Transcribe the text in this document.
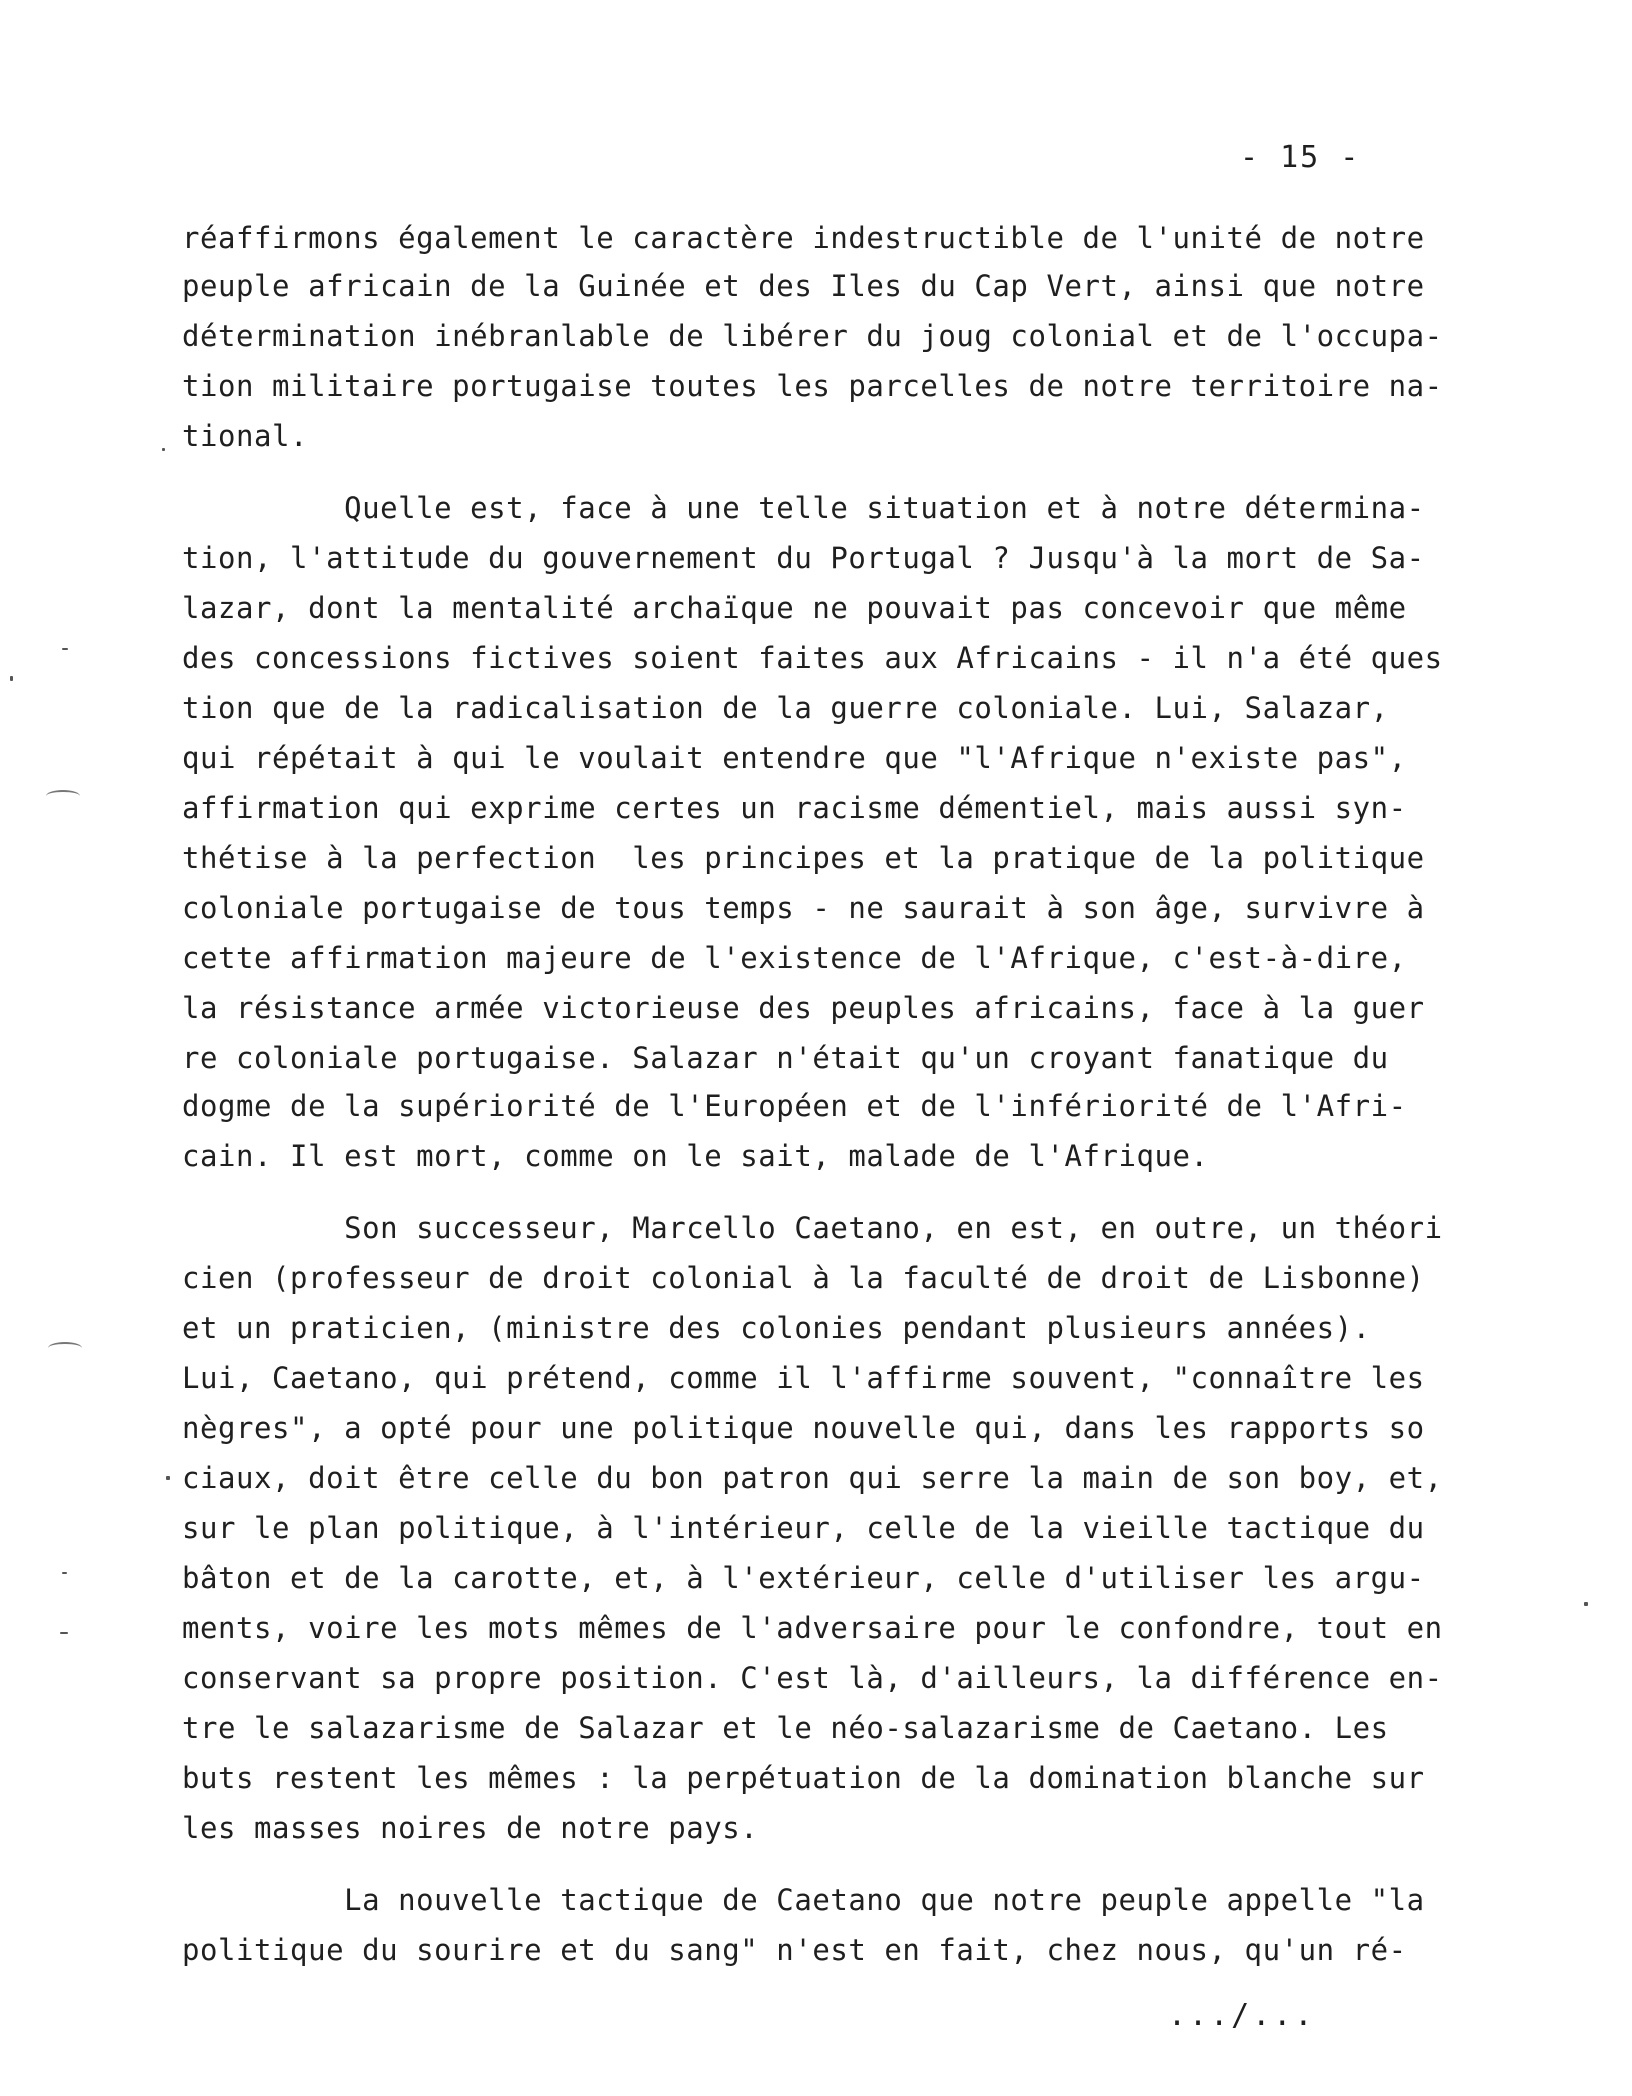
- 15 -
réaffirmons également le caractère indestructible de l'unité de notre
peuple africain de la Guinée et des Iles du Cap Vert, ainsi que notre
détermination inébranlable de libérer du joug colonial et de l'occupa-
tion militaire portugaise toutes les parcelles de notre territoire na-
tional.
Quelle est, face à une telle situation et à notre détermina-
tion, l'attitude du gouvernement du Portugal ? Jusqu'à la mort de Sa-
lazar, dont la mentalité archaïque ne pouvait pas concevoir que même
des concessions fictives soient faites aux Africains - il n'a été ques
tion que de la radicalisation de la guerre coloniale. Lui, Salazar,
qui répétait à qui le voulait entendre que "l'Afrique n'existe pas",
affirmation qui exprime certes un racisme démentiel, mais aussi syn-
thétise à la perfection  les principes et la pratique de la politique
coloniale portugaise de tous temps - ne saurait à son âge, survivre à
cette affirmation majeure de l'existence de l'Afrique, c'est-à-dire,
la résistance armée victorieuse des peuples africains, face à la guer
re coloniale portugaise. Salazar n'était qu'un croyant fanatique du
dogme de la supériorité de l'Européen et de l'infériorité de l'Afri-
cain. Il est mort, comme on le sait, malade de l'Afrique.
Son successeur, Marcello Caetano, en est, en outre, un théori
cien (professeur de droit colonial à la faculté de droit de Lisbonne)
et un praticien, (ministre des colonies pendant plusieurs années).
Lui, Caetano, qui prétend, comme il l'affirme souvent, "connaître les
nègres", a opté pour une politique nouvelle qui, dans les rapports so
ciaux, doit être celle du bon patron qui serre la main de son boy, et,
sur le plan politique, à l'intérieur, celle de la vieille tactique du
bâton et de la carotte, et, à l'extérieur, celle d'utiliser les argu-
ments, voire les mots mêmes de l'adversaire pour le confondre, tout en
conservant sa propre position. C'est là, d'ailleurs, la différence en-
tre le salazarisme de Salazar et le néo-salazarisme de Caetano. Les
buts restent les mêmes : la perpétuation de la domination blanche sur
les masses noires de notre pays.
La nouvelle tactique de Caetano que notre peuple appelle "la
politique du sourire et du sang" n'est en fait, chez nous, qu'un ré-
.../...
